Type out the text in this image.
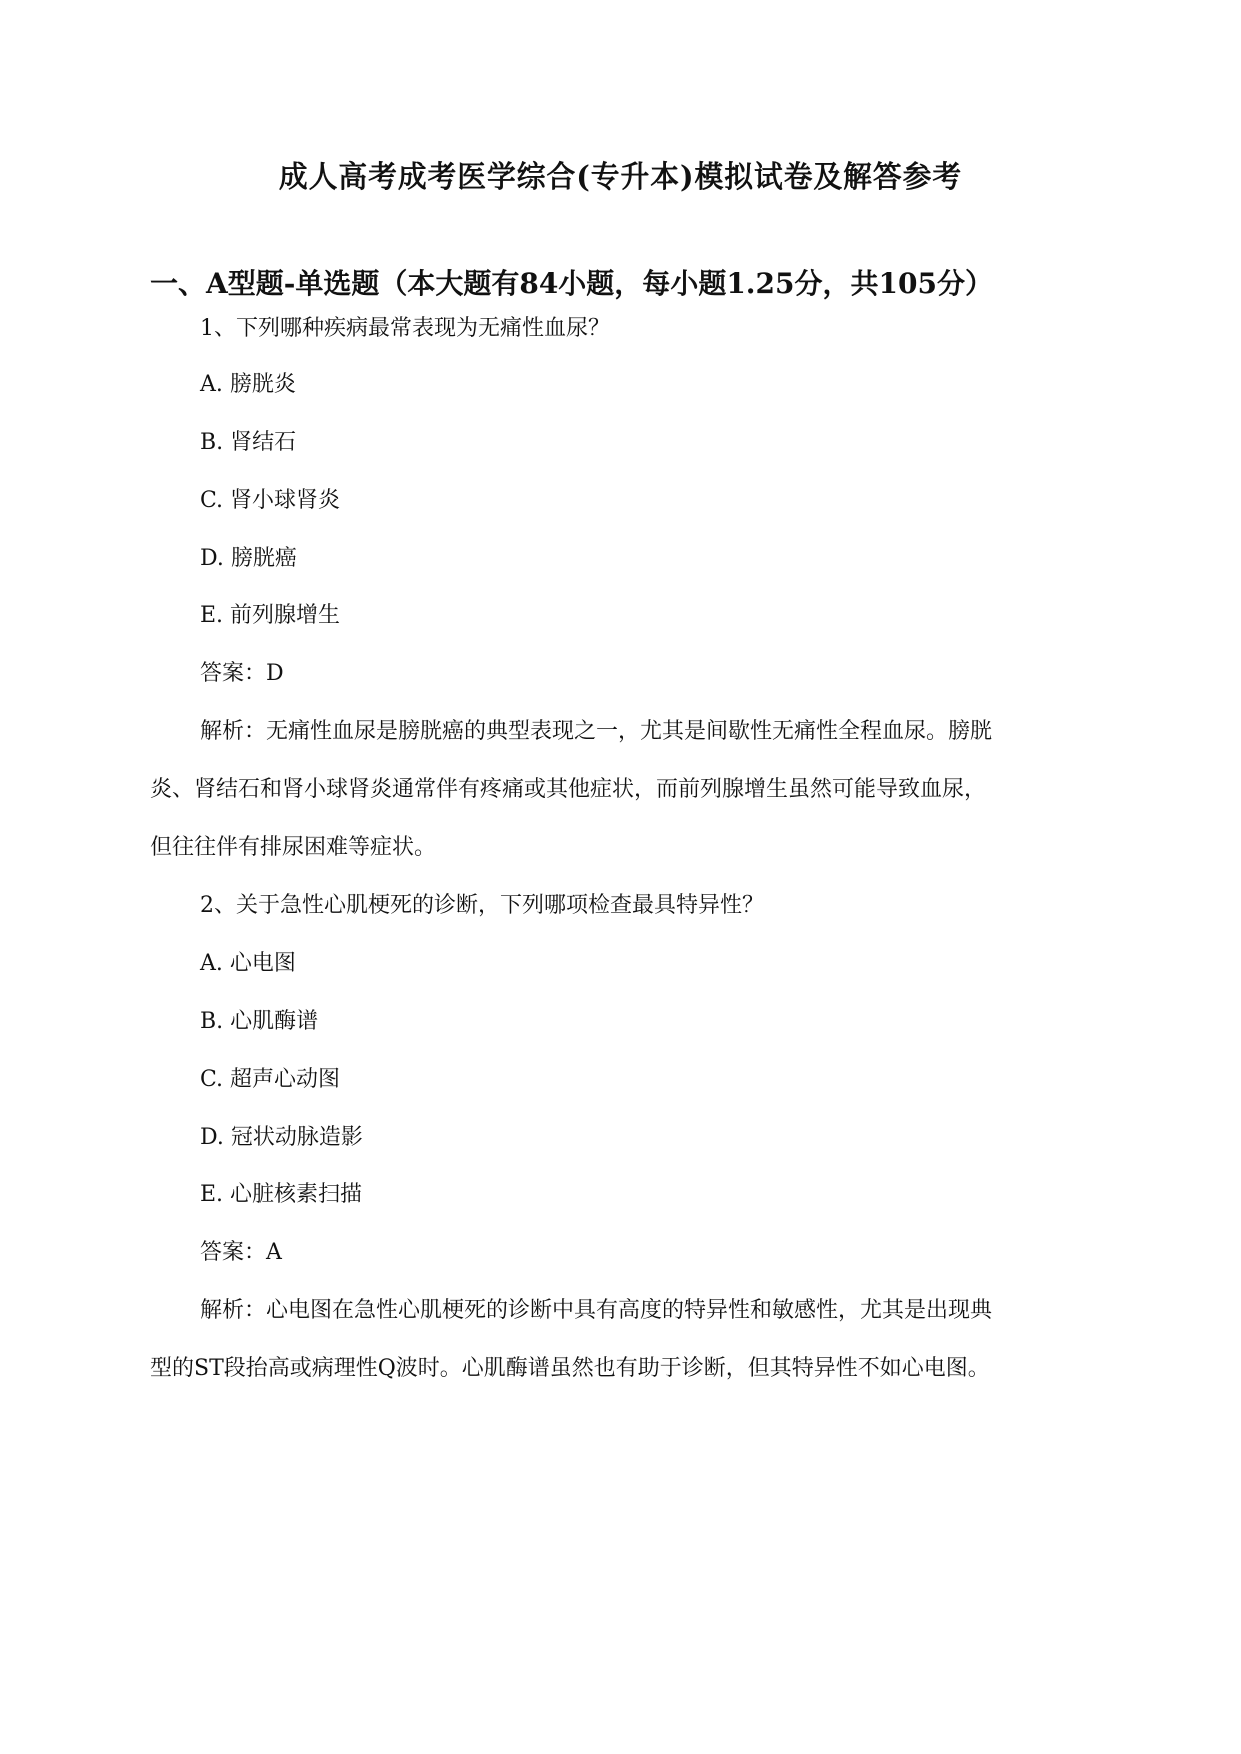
成人高考成考医学综合(专升本)模拟试卷及解答参考
一、A型题-单选题（本大题有84小题，每小题1.25分，共105分）
1、下列哪种疾病最常表现为无痛性血尿？
A. 膀胱炎
B. 肾结石
C. 肾小球肾炎
D. 膀胱癌
E. 前列腺增生
答案：D
解析：无痛性血尿是膀胱癌的典型表现之一，尤其是间歇性无痛性全程血尿。膀胱
炎、肾结石和肾小球肾炎通常伴有疼痛或其他症状，而前列腺增生虽然可能导致血尿，
但往往伴有排尿困难等症状。
2、关于急性心肌梗死的诊断，下列哪项检查最具特异性？
A. 心电图
B. 心肌酶谱
C. 超声心动图
D. 冠状动脉造影
E. 心脏核素扫描
答案：A
解析：心电图在急性心肌梗死的诊断中具有高度的特异性和敏感性，尤其是出现典
型的ST段抬高或病理性Q波时。心肌酶谱虽然也有助于诊断，但其特异性不如心电图。
